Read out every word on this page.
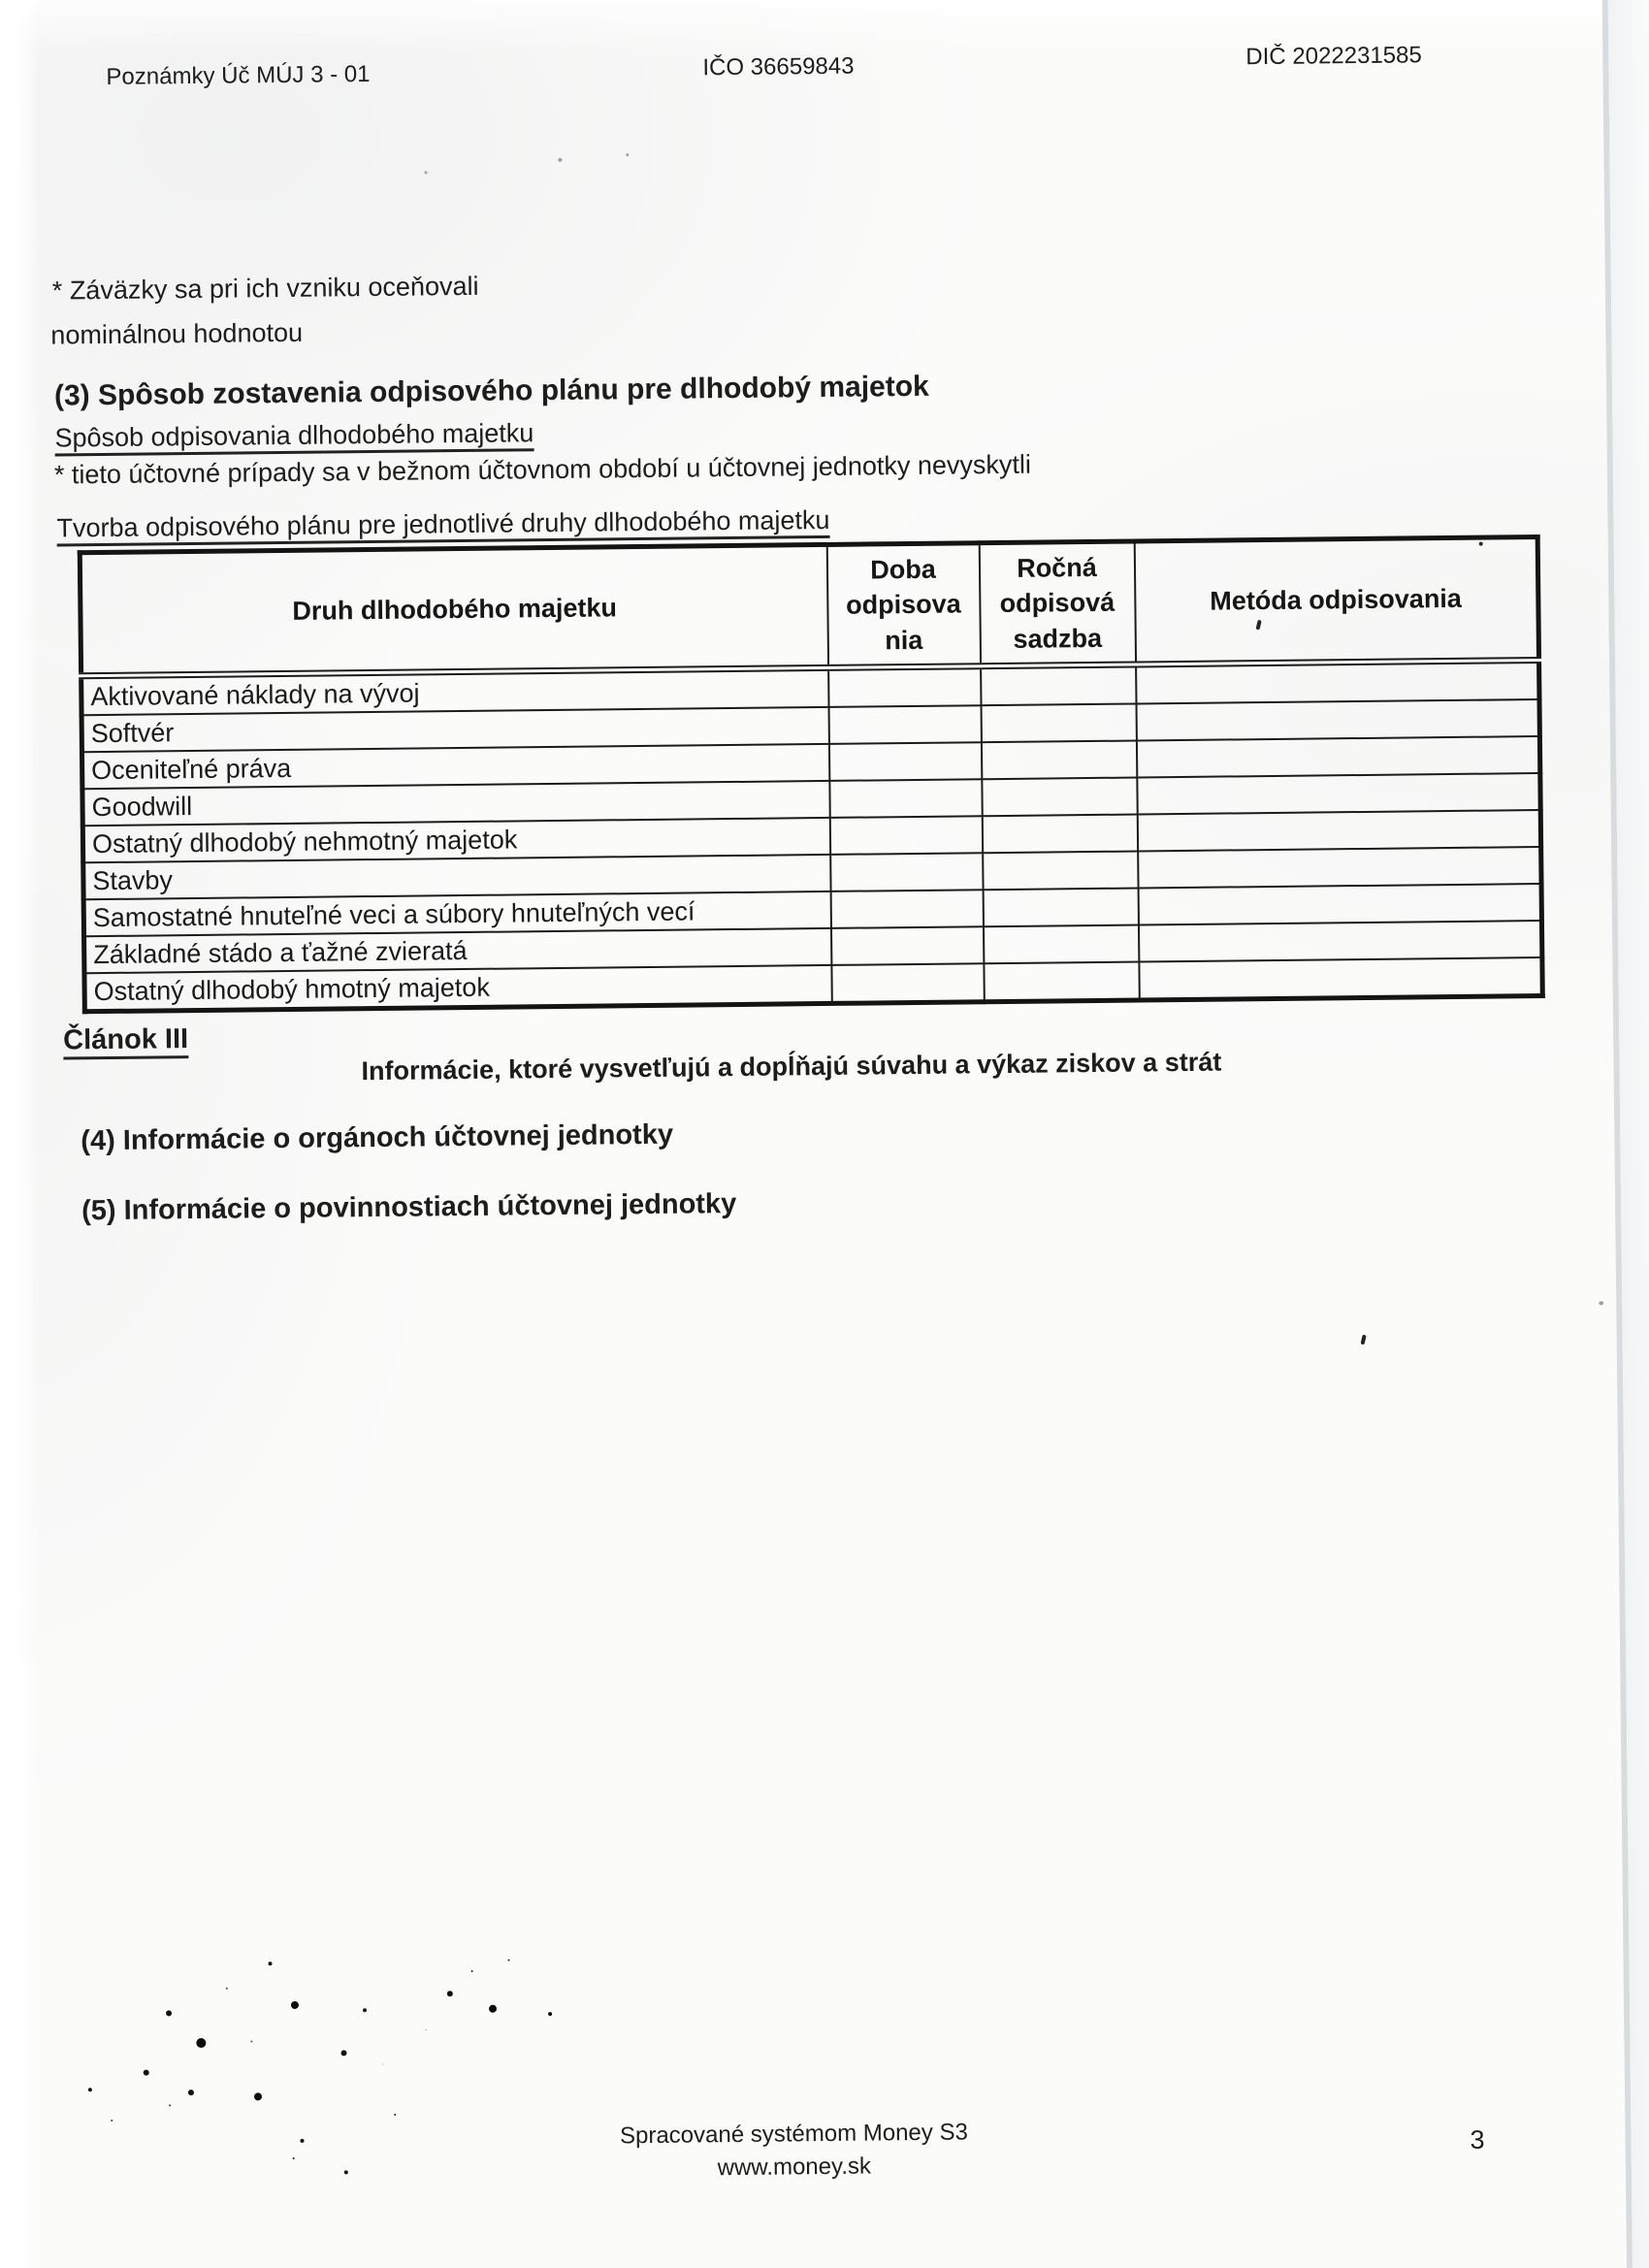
Poznámky Úč MÚJ 3 - 01	IČO 36659843	DIČ 2022231585
* Záväzky sa pri ich vzniku oceňovali
nominálnou hodnotou
(3) Spôsob zostavenia odpisového plánu pre dlhodobý majetok
Spôsob odpisovania dlhodobého majetku
* tieto účtovné prípady sa v bežnom účtovnom období u účtovnej jednotky nevyskytli
Tvorba odpisového plánu pre jednotlivé druhy dlhodobého majetku
Druh dlhodobého majetku	Doba odpisova nia	Ročná odpisová sadzba	Metóda odpisovania
Aktivované náklady na vývoj			
Softvér			
Oceniteľné práva			
Goodwill			
Ostatný dlhodobý nehmotný majetok			
Stavby			
Samostatné hnuteľné veci a súbory hnuteľných vecí			
Základné stádo a ťažné zvieratá			
Ostatný dlhodobý hmotný majetok			
Článok III
Informácie, ktoré vysvetľujú a dopĺňajú súvahu a výkaz ziskov a strát
(4) Informácie o orgánoch účtovnej jednotky
(5) Informácie o povinnostiach účtovnej jednotky
Spracované systémom Money S3
www.money.sk
3
